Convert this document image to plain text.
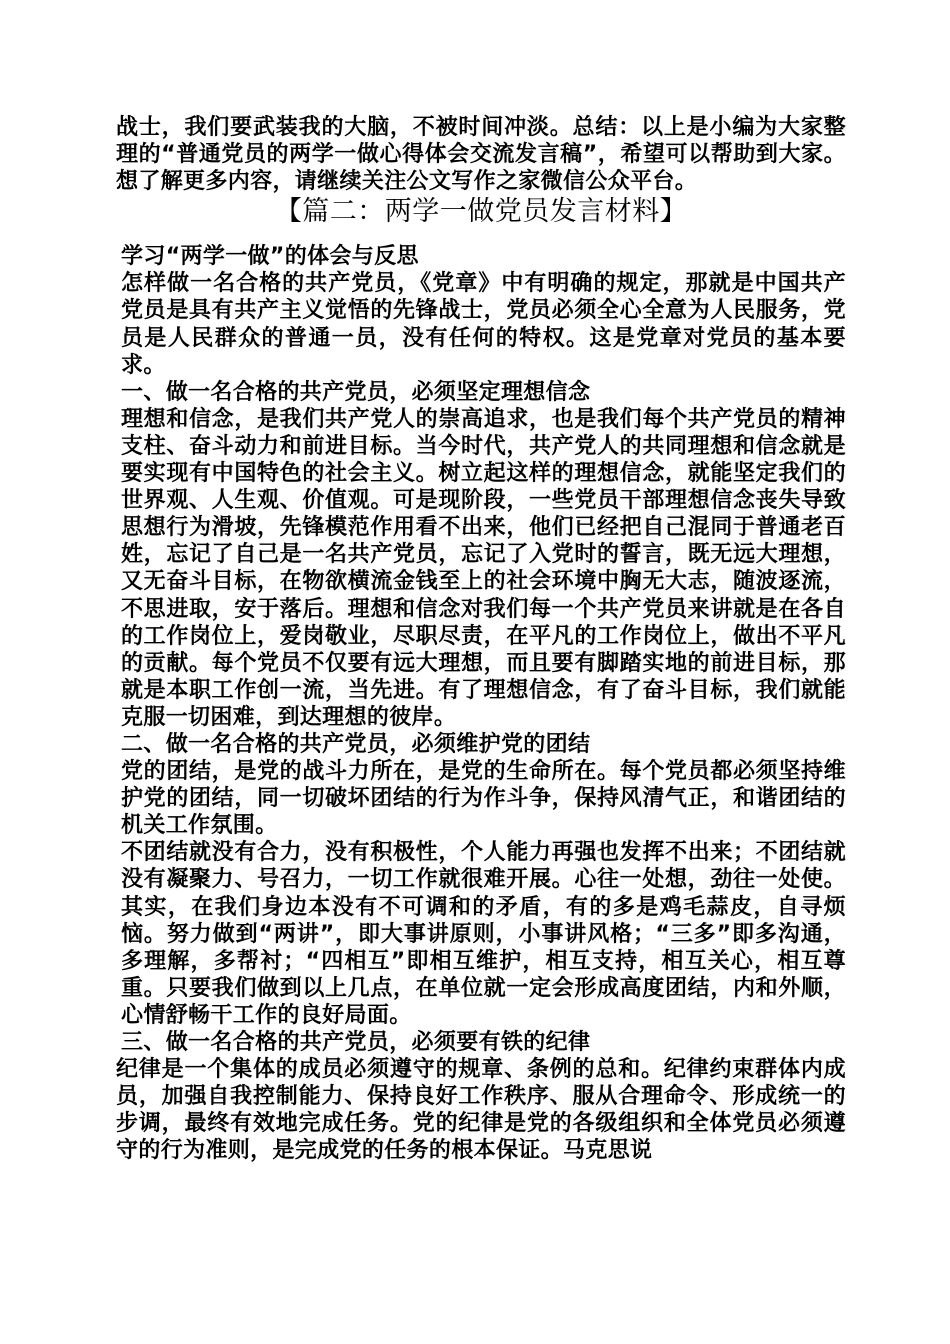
战士，我们要武装我的大脑，不被时间冲淡。总结：以上是小编为大家整理的“普通党员的两学一做心得体会交流发言稿”，希望可以帮助到大家。想了解更多内容，请继续关注公文写作之家微信公众平台。

【篇二：两学一做党员发言材料】

学习“两学一做”的体会与反思

怎样做一名合格的共产党员，《党章》中有明确的规定，那就是中国共产党员是具有共产主义觉悟的先锋战士，党员必须全心全意为人民服务，党员是人民群众的普通一员，没有任何的特权。这是党章对党员的基本要求。

一、做一名合格的共产党员，必须坚定理想信念

理想和信念，是我们共产党人的崇高追求，也是我们每个共产党员的精神支柱、奋斗动力和前进目标。当今时代，共产党人的共同理想和信念就是要实现有中国特色的社会主义。树立起这样的理想信念，就能坚定我们的世界观、人生观、价值观。可是现阶段，一些党员干部理想信念丧失导致思想行为滑坡，先锋模范作用看不出来，他们已经把自己混同于普通老百姓，忘记了自己是一名共产党员，忘记了入党时的誓言，既无远大理想，又无奋斗目标，在物欲横流金钱至上的社会环境中胸无大志，随波逐流，不思进取，安于落后。理想和信念对我们每一个共产党员来讲就是在各自的工作岗位上，爱岗敬业，尽职尽责，在平凡的工作岗位上，做出不平凡的贡献。每个党员不仅要有远大理想，而且要有脚踏实地的前进目标，那就是本职工作创一流，当先进。有了理想信念，有了奋斗目标，我们就能克服一切困难，到达理想的彼岸。

二、做一名合格的共产党员，必须维护党的团结

党的团结，是党的战斗力所在，是党的生命所在。每个党员都必须坚持维护党的团结，同一切破坏团结的行为作斗争，保持风清气正，和谐团结的机关工作氛围。

不团结就没有合力，没有积极性，个人能力再强也发挥不出来；不团结就没有凝聚力、号召力，一切工作就很难开展。心往一处想，劲往一处使。其实，在我们身边本没有不可调和的矛盾，有的多是鸡毛蒜皮，自寻烦恼。努力做到“两讲”，即大事讲原则，小事讲风格；“三多”即多沟通，多理解，多帮衬；“四相互”即相互维护，相互支持，相互关心，相互尊重。只要我们做到以上几点，在单位就一定会形成高度团结，内和外顺，心情舒畅干工作的良好局面。

三、做一名合格的共产党员，必须要有铁的纪律

纪律是一个集体的成员必须遵守的规章、条例的总和。纪律约束群体内成员，加强自我控制能力、保持良好工作秩序、服从合理命令、形成统一的步调，最终有效地完成任务。党的纪律是党的各级组织和全体党员必须遵守的行为准则，是完成党的任务的根本保证。马克思说
